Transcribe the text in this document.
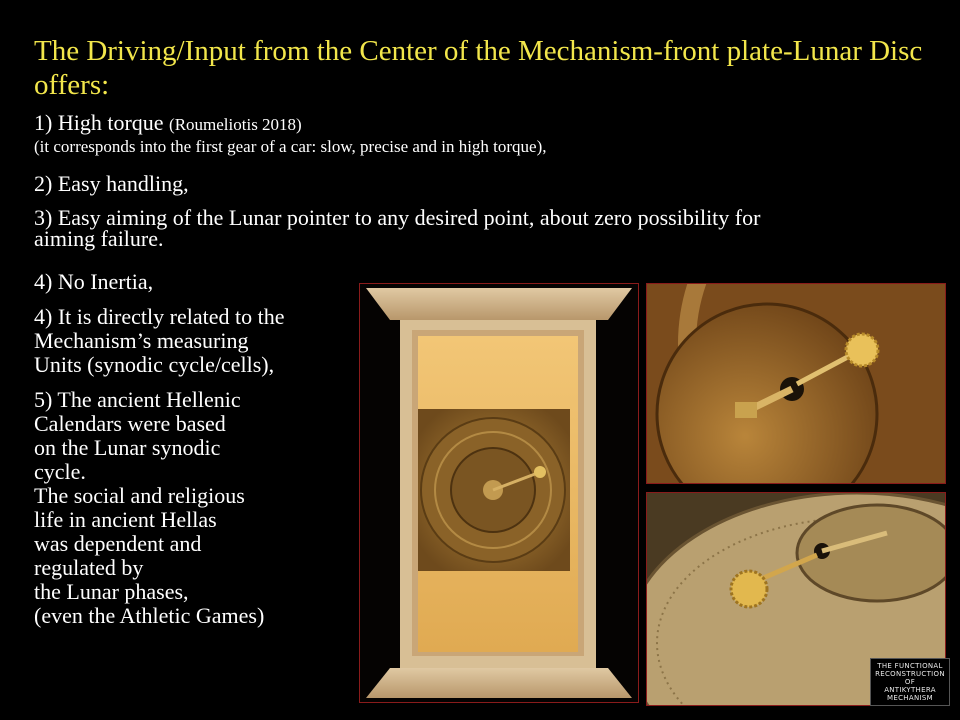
The Driving/Input from the Center of the Mechanism-front plate-Lunar Disc offers:

1) High torque (Roumeliotis 2018)

(it corresponds into the first gear of a car: slow, precise and in high torque),

2) Easy handling,

3) Easy aiming of the Lunar pointer to any desired point, about zero possibility for
aiming failure.

4) No Inertia,

4) It is directly related to the
Mechanism’s measuring
Units (synodic cycle/cells),

5) The ancient Hellenic
Calendars were based
on the Lunar synodic
cycle.
The social and religious
life in ancient Hellas
was dependent and
regulated by
the Lunar phases,
(even the Athletic Games)

THE FUNCTIONAL
RECONSTRUCTION
OF
ANTIKYTHERA
MECHANISM
